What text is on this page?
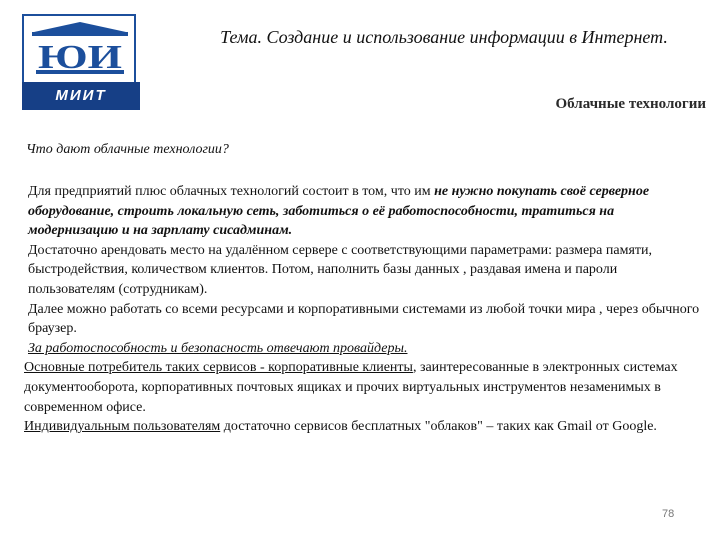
ЮИ
МИИТ
Тема. Создание и использование информации в Интернет.
Облачные технологии
Что дают облачные технологии?

Для предприятий плюс облачных технологий состоит в том, что им не нужно покупать своё серверное оборудование, строить локальную сеть, заботиться о её работоспособности, тратиться на модернизацию и на зарплату сисадминам.

Достаточно арендовать место на удалённом сервере с соответствующими параметрами: размера памяти, быстродействия, количеством клиентов. Потом, наполнить базы данных , раздавая имена и пароли пользователям (сотрудникам).

Далее можно работать со всеми ресурсами и корпоративными системами из любой точки мира , через обычного браузер.

За работоспособность и безопасность отвечают провайдеры.

Основные потребитель таких сервисов - корпоративные клиенты, заинтересованные в электронных системах документооборота, корпоративных почтовых ящиках и прочих виртуальных инструментов незаменимых в современном офисе.

Индивидуальным пользователям достаточно сервисов бесплатных "облаков" – таких как Gmail от Google.

78
